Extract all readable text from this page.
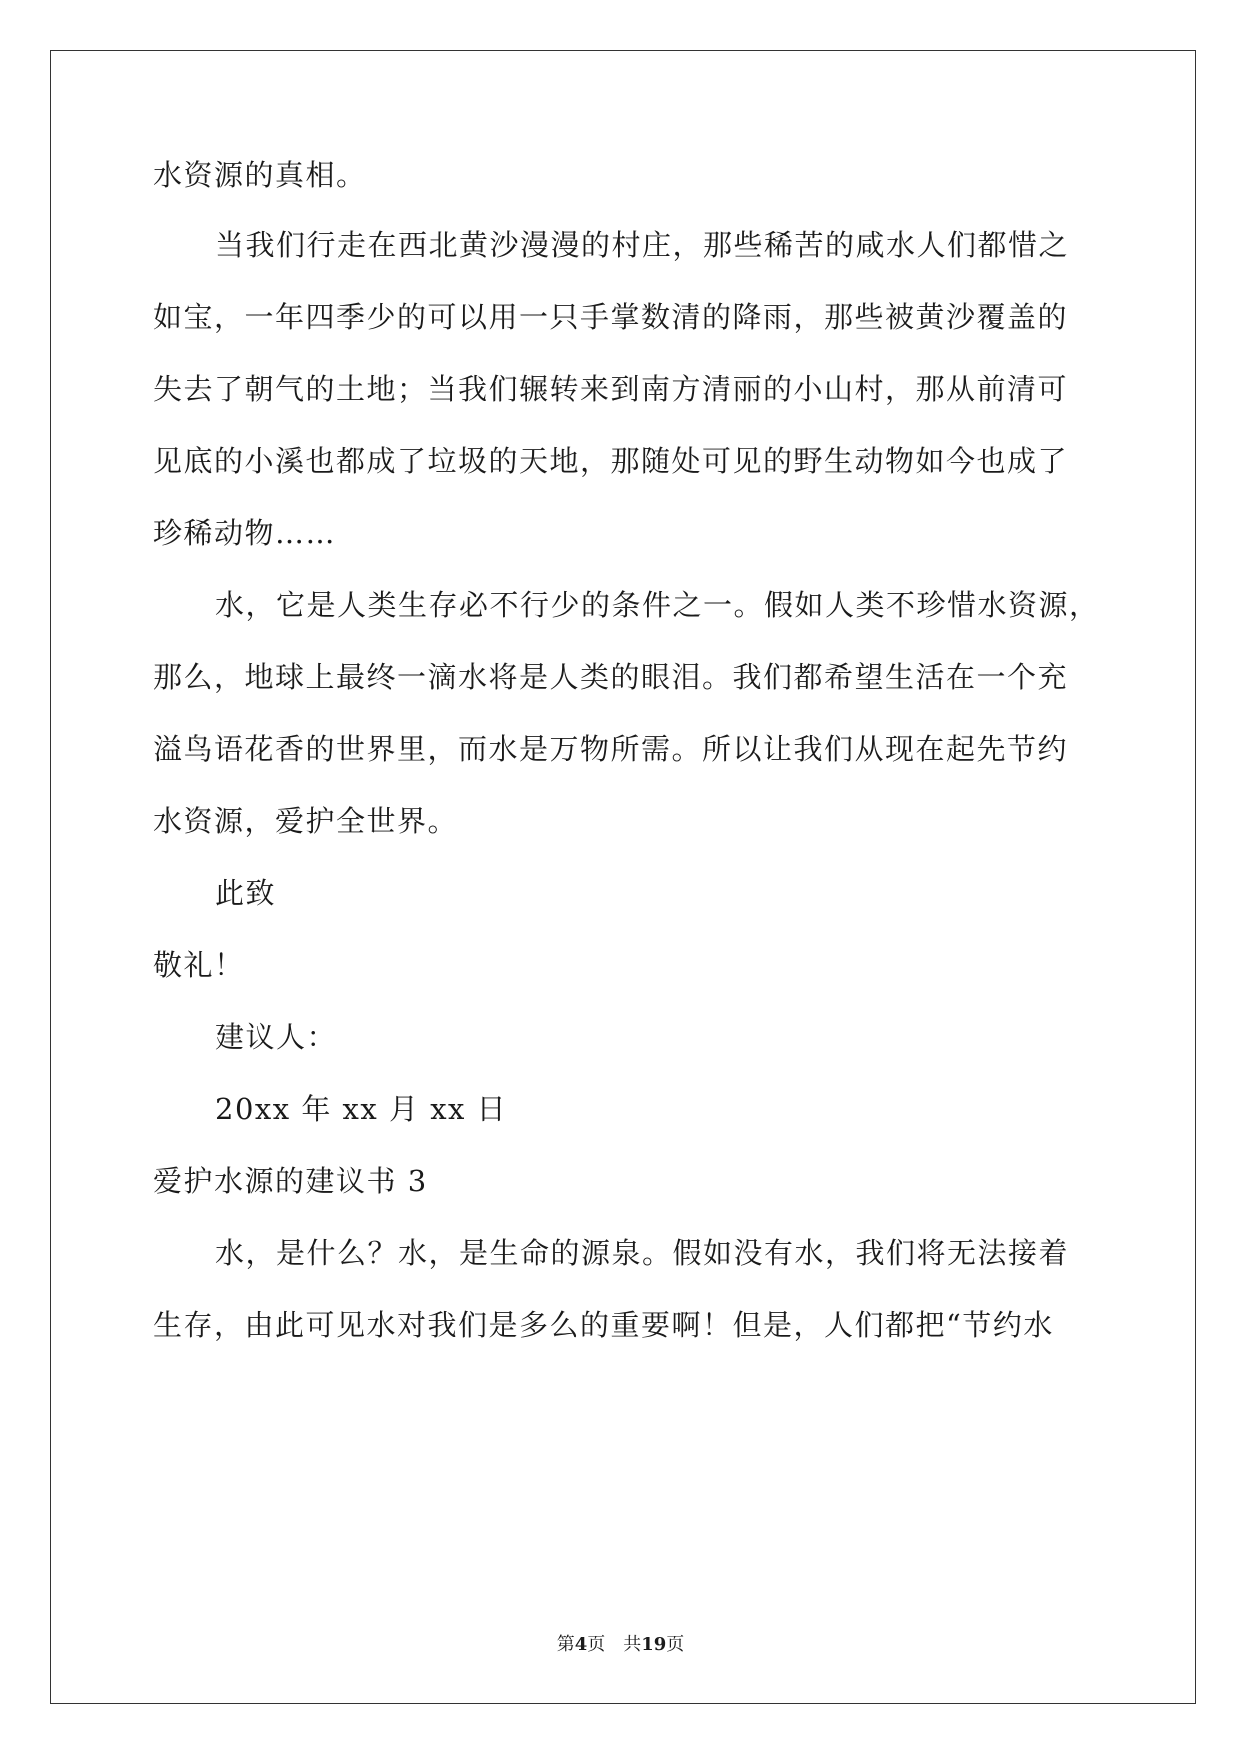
水资源的真相。
当我们行走在西北黄沙漫漫的村庄，那些稀苦的咸水人们都惜之
如宝，一年四季少的可以用一只手掌数清的降雨，那些被黄沙覆盖的
失去了朝气的土地；当我们辗转来到南方清丽的小山村，那从前清可
见底的小溪也都成了垃圾的天地，那随处可见的野生动物如今也成了
珍稀动物……
水，它是人类生存必不行少的条件之一。假如人类不珍惜水资源，
那么，地球上最终一滴水将是人类的眼泪。我们都希望生活在一个充
溢鸟语花香的世界里，而水是万物所需。所以让我们从现在起先节约
水资源，爱护全世界。
此致
敬礼！
建议人：
20xx 年 xx 月 xx 日
爱护水源的建议书 3
水，是什么？水，是生命的源泉。假如没有水，我们将无法接着
生存，由此可见水对我们是多么的重要啊！但是，人们都把“节约水
第4页 共19页
